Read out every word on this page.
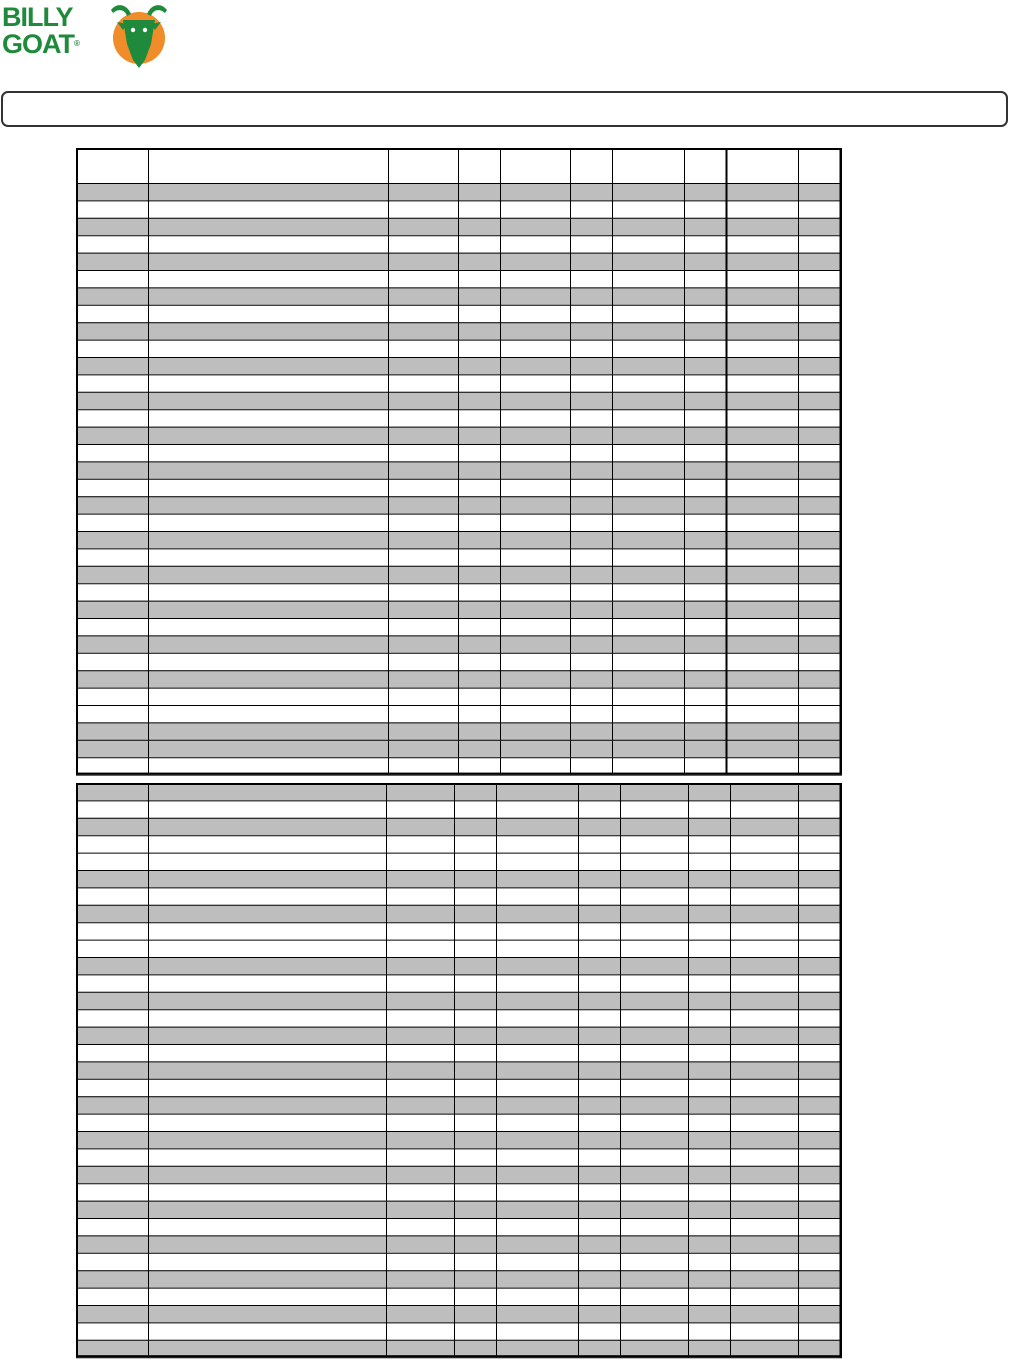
BILLY
GOAT®
